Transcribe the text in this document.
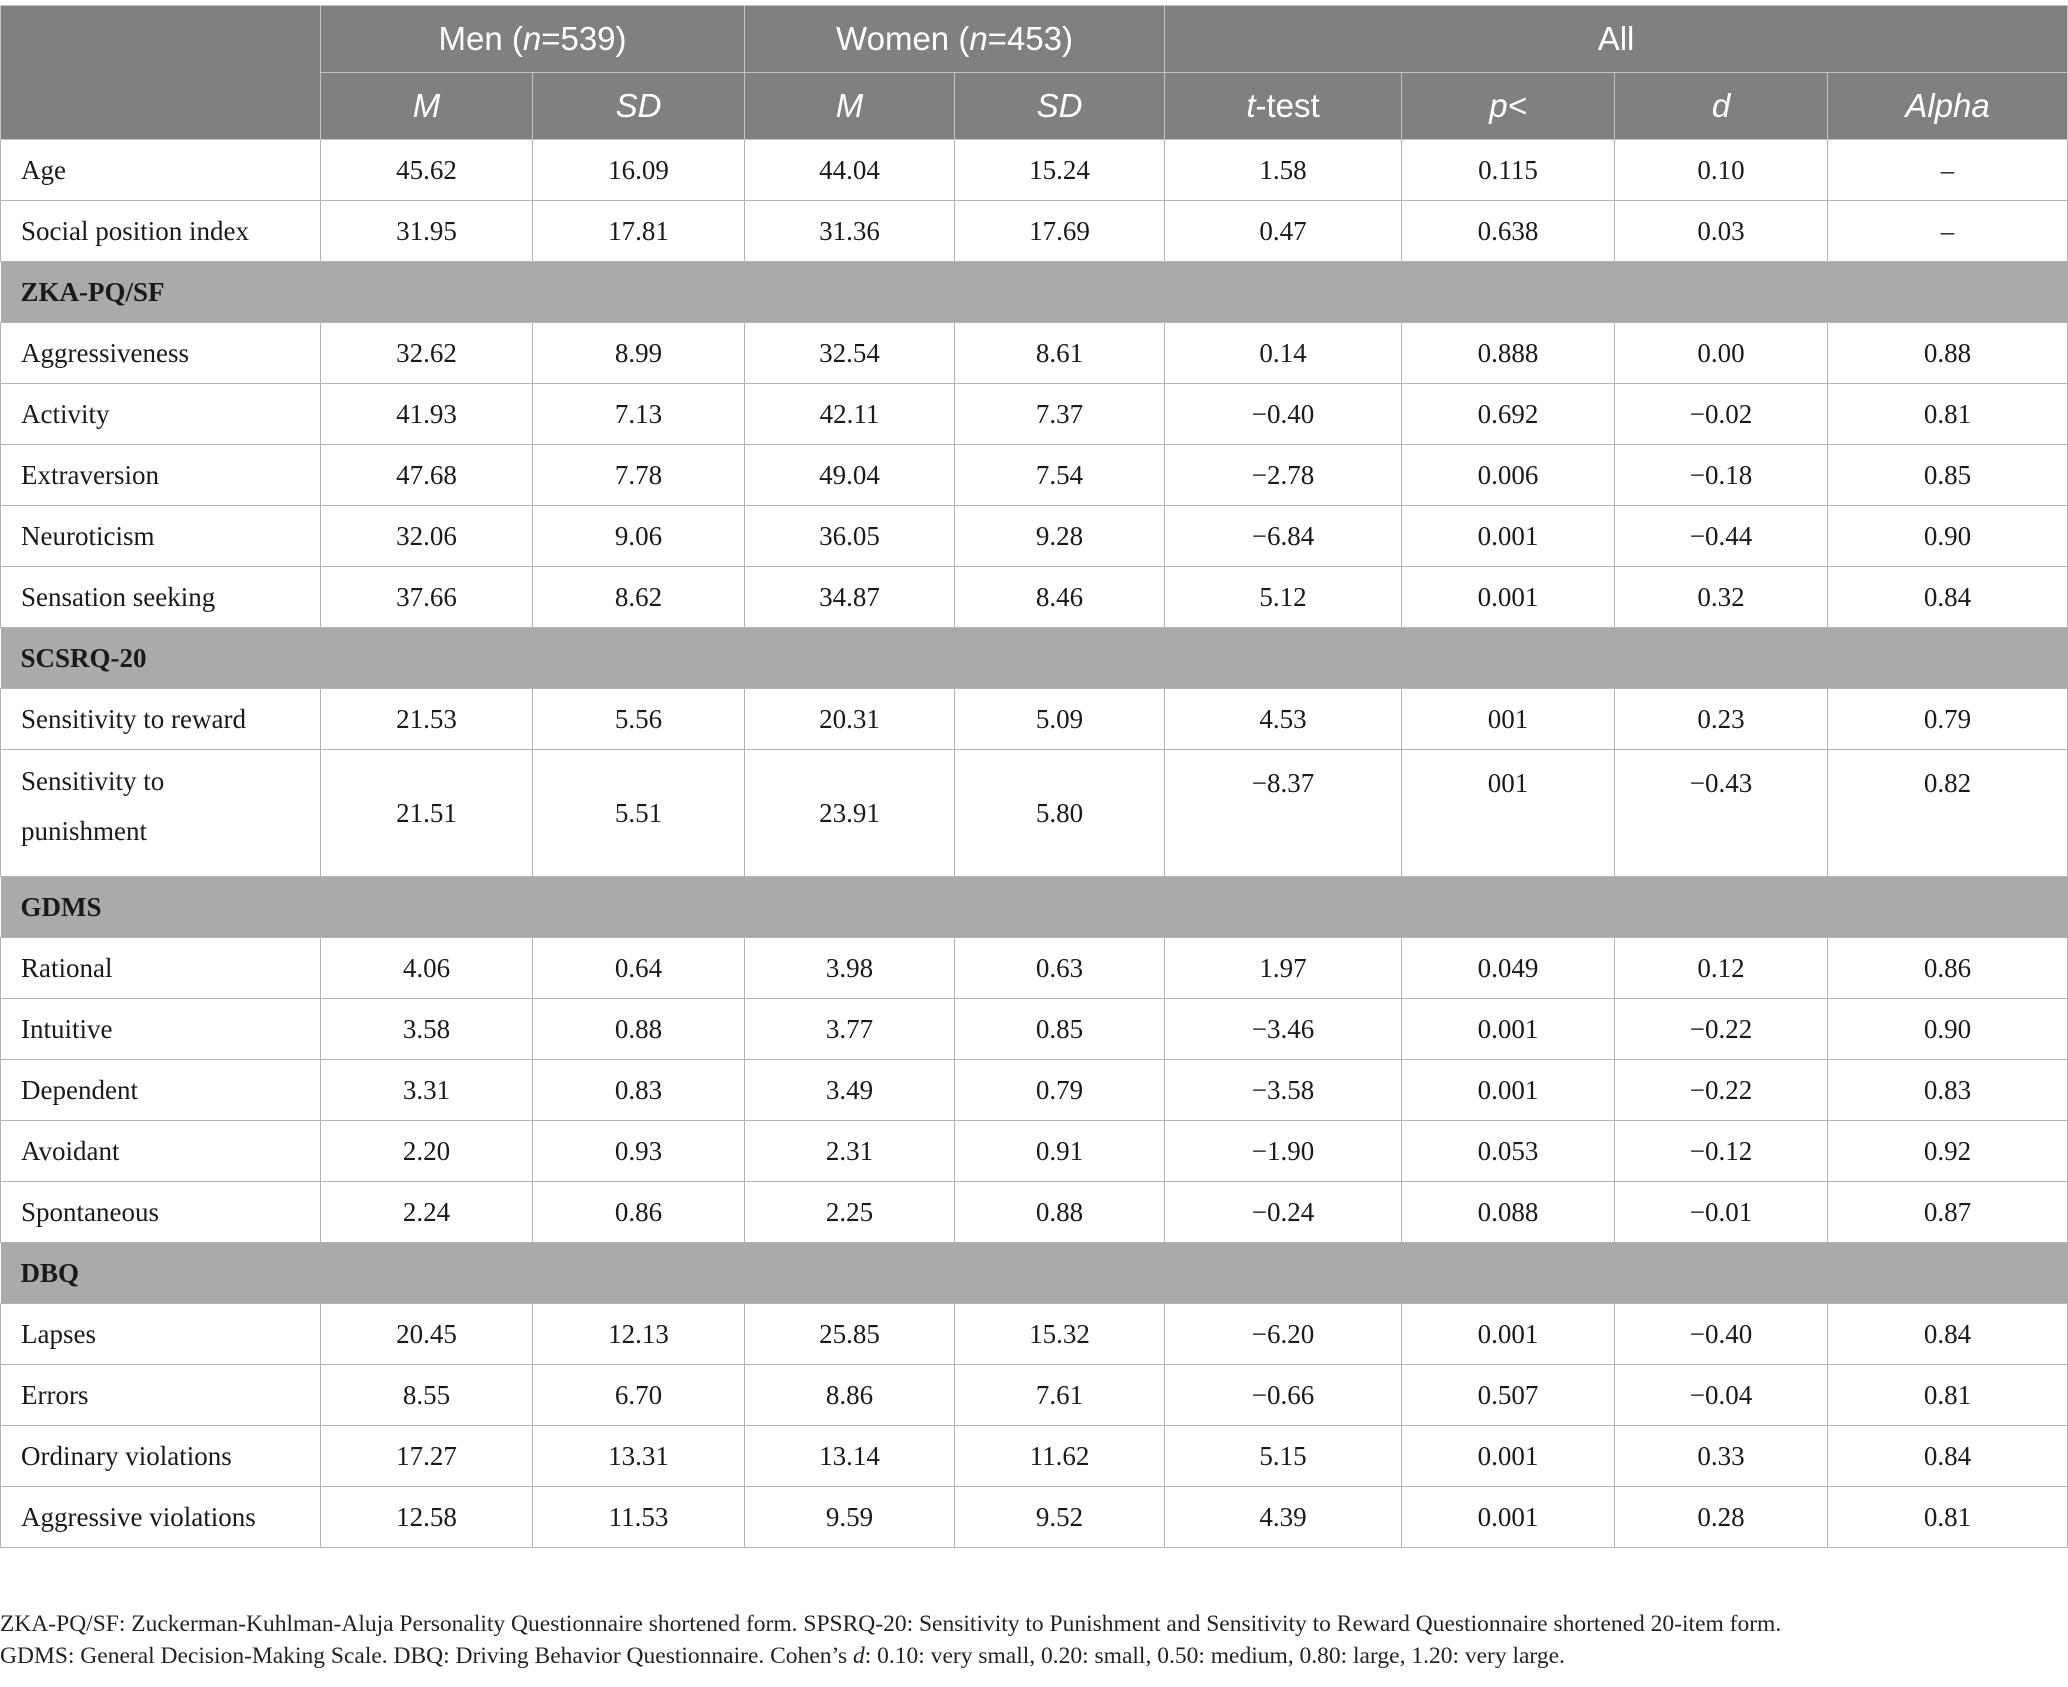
	Men (n=539)		Women (n=453)		All			
	M	SD	M	SD	t-test	p<	d	Alpha
Age	45.62	16.09	44.04	15.24	1.58	0.115	0.10	–
Social position index	31.95	17.81	31.36	17.69	0.47	0.638	0.03	–
ZKA-PQ/SF								
Aggressiveness	32.62	8.99	32.54	8.61	0.14	0.888	0.00	0.88
Activity	41.93	7.13	42.11	7.37	−0.40	0.692	−0.02	0.81
Extraversion	47.68	7.78	49.04	7.54	−2.78	0.006	−0.18	0.85
Neuroticism	32.06	9.06	36.05	9.28	−6.84	0.001	−0.44	0.90
Sensation seeking	37.66	8.62	34.87	8.46	5.12	0.001	0.32	0.84
SCSRQ-20								
Sensitivity to reward	21.53	5.56	20.31	5.09	4.53	001	0.23	0.79
Sensitivity to
punishment	21.51	5.51	23.91	5.80	−8.37	001	−0.43	0.82
GDMS								
Rational	4.06	0.64	3.98	0.63	1.97	0.049	0.12	0.86
Intuitive	3.58	0.88	3.77	0.85	−3.46	0.001	−0.22	0.90
Dependent	3.31	0.83	3.49	0.79	−3.58	0.001	−0.22	0.83
Avoidant	2.20	0.93	2.31	0.91	−1.90	0.053	−0.12	0.92
Spontaneous	2.24	0.86	2.25	0.88	−0.24	0.088	−0.01	0.87
DBQ								
Lapses	20.45	12.13	25.85	15.32	−6.20	0.001	−0.40	0.84
Errors	8.55	6.70	8.86	7.61	−0.66	0.507	−0.04	0.81
Ordinary violations	17.27	13.31	13.14	11.62	5.15	0.001	0.33	0.84
Aggressive violations	12.58	11.53	9.59	9.52	4.39	0.001	0.28	0.81
ZKA-PQ/SF: Zuckerman-Kuhlman-Aluja Personality Questionnaire shortened form. SPSRQ-20: Sensitivity to Punishment and Sensitivity to Reward Questionnaire shortened 20-item form.
GDMS: General Decision-Making Scale. DBQ: Driving Behavior Questionnaire. Cohen’s d: 0.10: very small, 0.20: small, 0.50: medium, 0.80: large, 1.20: very large.
